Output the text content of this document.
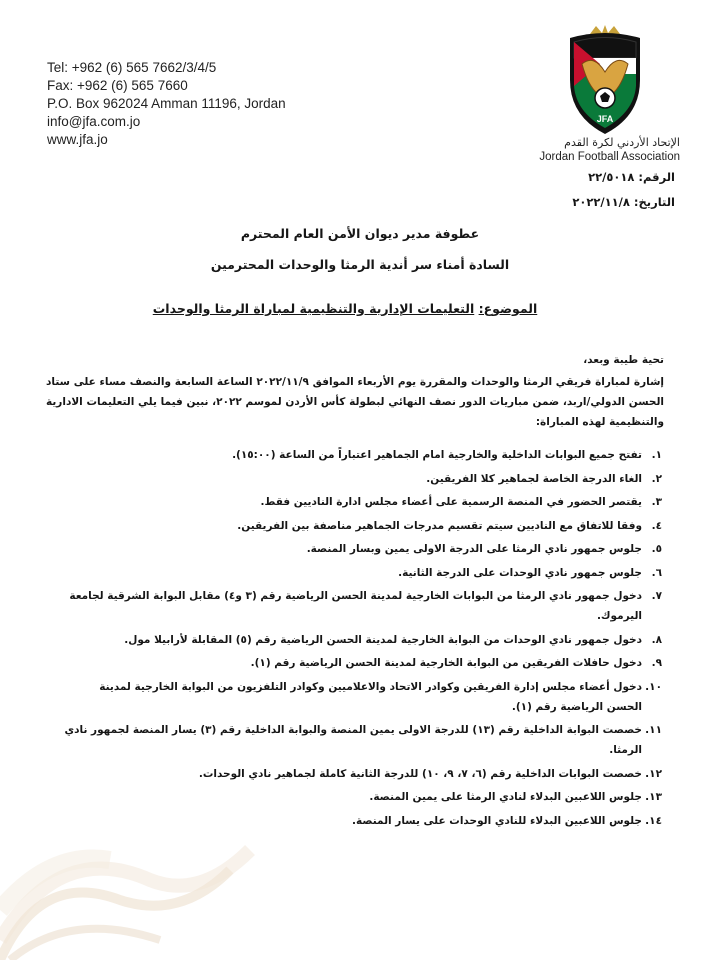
Tel: +962 (6) 565 7662/3/4/5
Fax: +962 (6) 565 7660
P.O. Box 962024 Amman 11196, Jordan
info@jfa.com.jo
www.jfa.jo
JFA
الإتحاد الأردني لكرة القدم
Jordan Football Association
الرقم: ٢٢/٥٠١٨
التاريخ: ٢٠٢٢/١١/٨
عطوفة مدير ديوان الأمن العام المحترم
السادة أمناء سر أندية الرمثا والوحدات المحترمين
الموضوع: التعليمات الإدارية والتنظيمية لمباراة الرمثا والوحدات
تحية طيبة وبعد،
إشارة لمباراة فريقي الرمثا والوحدات والمقررة يوم الأربعاء الموافق ٢٠٢٢/١١/٩ الساعة السابعة والنصف مساء على ستاد الحسن الدولي/اربد، ضمن مباريات الدور نصف النهائي لبطولة كأس الأردن لموسم ٢٠٢٢، نبين فيما يلي التعليمات الادارية والتنظيمية لهذه المباراة:
١.
تفتح جميع البوابات الداخلية والخارجية امام الجماهير اعتباراً من الساعة (١٥:٠٠).
٢.
الغاء الدرجة الخاصة لجماهير كلا الفريقين.
٣.
يقتصر الحضور في المنصة الرسمية على أعضاء مجلس ادارة الناديين فقط.
٤.
وفقا للاتفاق مع الناديين سيتم تقسيم مدرجات الجماهير مناصفة بين الفريقين.
٥.
جلوس جمهور نادي الرمثا على الدرجة الاولى يمين وبسار المنصة.
٦.
جلوس جمهور نادي الوحدات على الدرجة الثانية.
٧.
دخول جمهور نادي الرمثا من البوابات الخارجية لمدينة الحسن الرياضية رقم (٣ و٤) مقابل البوابة الشرقية لجامعة اليرموك.
٨.
دخول جمهور نادي الوحدات من البوابة الخارجية لمدينة الحسن الرياضية رقم (٥) المقابلة لأرابيلا مول.
٩.
دخول حافلات الفريقين من البوابة الخارجية لمدينة الحسن الرياضية رقم (١).
١٠.
دخول أعضاء مجلس إدارة الفريقين وكوادر الاتحاد والاعلاميين وكوادر التلفزيون من البوابة الخارجية لمدينة الحسن الرياضية رقم (١).
١١.
خصصت البوابة الداخلية رقم (١٣) للدرجة الاولى يمين المنصة والبوابة الداخلية رقم (٣) يسار المنصة لجمهور نادي الرمثا.
١٢.
خصصت البوابات الداخلية رقم (٦، ٧، ٩، ١٠) للدرجة الثانية كاملة لجماهير نادي الوحدات.
١٣.
جلوس اللاعبين البدلاء لنادي الرمثا على يمين المنصة.
١٤.
جلوس اللاعبين البدلاء للنادي الوحدات على يسار المنصة.
